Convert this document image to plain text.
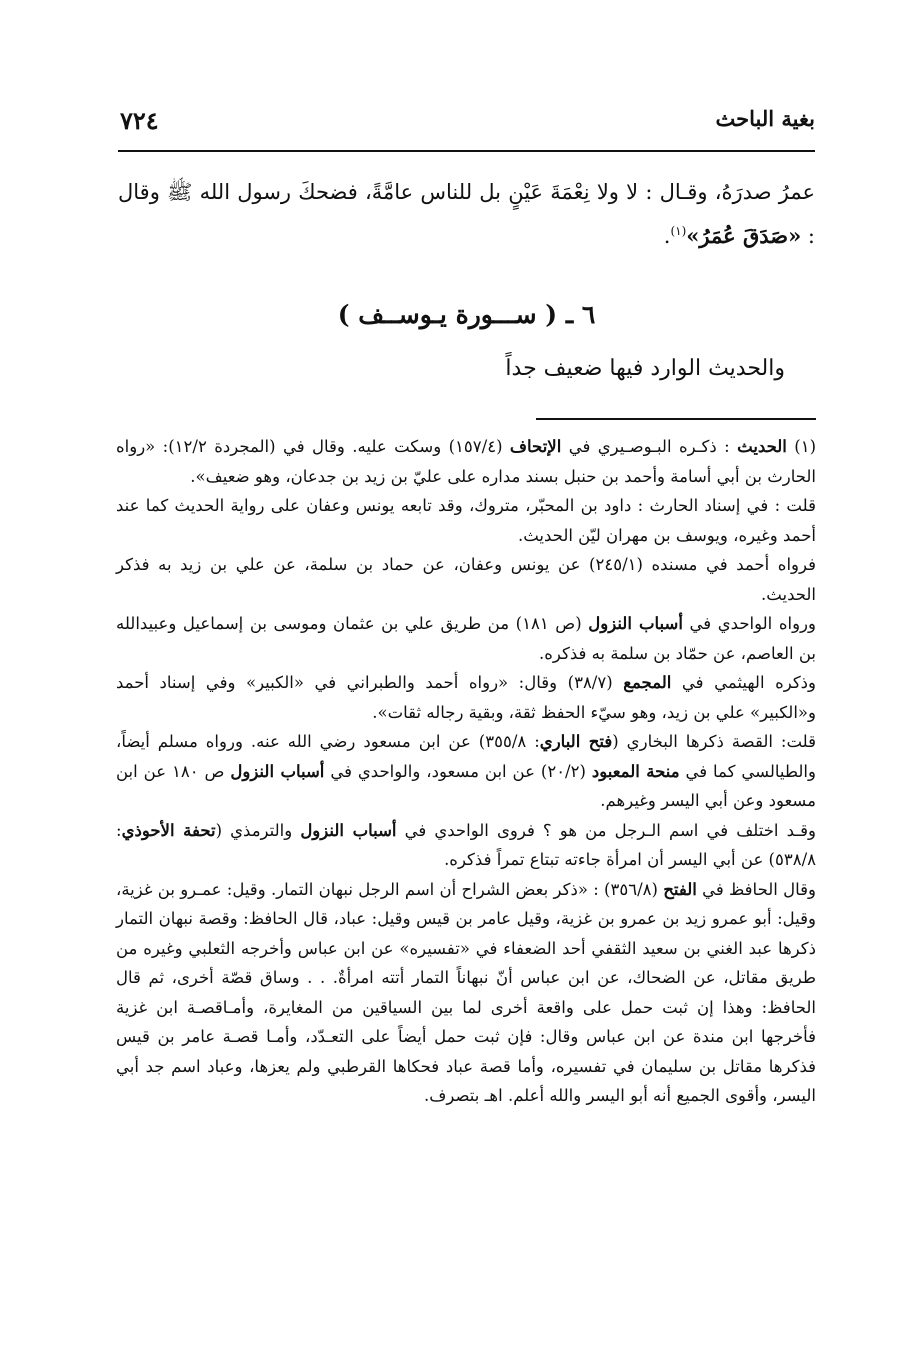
٧٢٤	بغية الباحث
عمرُ صدرَهُ، وقـال : لا ولا نِعْمَةَ عَيْنٍ بل للناس عامَّةً، فضحكَ رسول الله ﷺ وقال : «صَدَقَ عُمَرُ»$^{(١)}$.
٦ ـ ( ســـورة يـوســف )
والحديث الوارد فيها ضعيف جداً

(١) الحديث : ذكـره البـوصـيري في الإتحاف (١٥٧/٤) وسكت عليه. وقال في (المجردة ١٢/٢): «رواه الحارث بن أبي أسامة وأحمد بن حنبل بسند مداره على عليّ بن زيد بن جدعان، وهو ضعيف».

قلت : في إسناد الحارث : داود بن المحبّر، متروك، وقد تابعه يونس وعفان على رواية الحديث كما عند أحمد وغيره، ويوسف بن مهران ليّن الحديث.

فرواه أحمد في مسنده (٢٤٥/١) عن يونس وعفان، عن حماد بن سلمة، عن علي بن زيد به فذكر الحديث.

ورواه الواحدي في أسباب النزول (ص ١٨١) من طريق علي بن عثمان وموسى بن إسماعيل وعبيدالله بن العاصم، عن حمّاد بن سلمة به فذكره.

وذكره الهيثمي في المجمع (٣٨/٧) وقال: «رواه أحمد والطبراني في «الكبير» وفي إسناد أحمد و«الكبير» علي بن زيد، وهو سيّء الحفظ ثقة، وبقية رجاله ثقات».

قلت: القصة ذكرها البخاري (فتح الباري: ٣٥٥/٨) عن ابن مسعود رضي الله عنه. ورواه مسلم أيضاً، والطيالسي كما في منحة المعبود (٢٠/٢) عن ابن مسعود، والواحدي في أسباب النزول ص ١٨٠ عن ابن مسعود وعن أبي اليسر وغيرهم.

وقـد اختلف في اسم الـرجل من هو ؟ فروى الواحدي في أسباب النزول والترمذي (تحفة الأحوذي: ٥٣٨/٨) عن أبي اليسر أن امرأة جاءته تبتاع تمراً فذكره.

وقال الحافظ في الفتح (٣٥٦/٨) : «ذكر بعض الشراح أن اسم الرجل نبهان التمار. وقيل: عمـرو بن غزية، وقيل: أبو عمرو زيد بن عمرو بن غزية، وقيل عامر بن قيس وقيل: عباد، قال الحافظ: وقصة نبهان التمار ذكرها عبد الغني بن سعيد الثقفي أحد الضعفاء في «تفسيره» عن ابن عباس وأخرجه الثعلبي وغيره من طريق مقاتل، عن الضحاك، عن ابن عباس أنّ نبهاناً التمار أتته امرأةٌ. . . وساق قصّة أخرى، ثم قال الحافظ: وهذا إن ثبت حمل على واقعة أخرى لما بين السياقين من المغايرة، وأمـاقصـة ابن غزية فأخرجها ابن مندة عن ابن عباس وقال: فإن ثبت حمل أيضاً على التعـدّد، وأمـا قصـة عامر بن قيس فذكرها مقاتل بن سليمان في تفسيره، وأما قصة عباد فحكاها القرطبي ولم يعزها، وعباد اسم جد أبي اليسر، وأقوى الجميع أنه أبو اليسر والله أعلم. اهـ بتصرف.
